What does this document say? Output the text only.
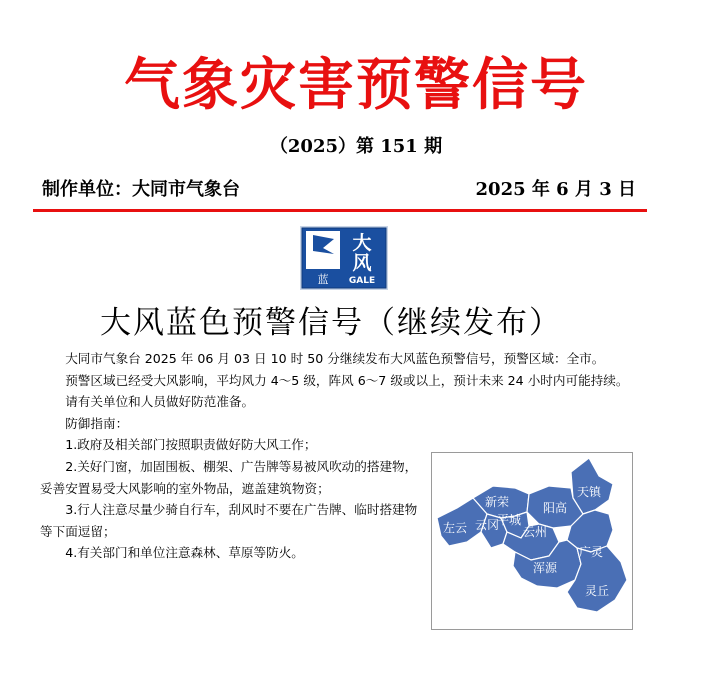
气象灾害预警信号
（2025）第 151 期
制作单位：大同市气象台	2025 年 6 月 3 日
大
风
蓝 GALE
大风蓝色预警信号（继续发布）

大同市气象台 2025 年 06 月 03 日 10 时 50 分继续发布大风蓝色预警信号，预警区域：全市。

预警区域已经受大风影响，平均风力 4～5 级，阵风 6～7 级或以上，预计未来 24 小时内可能持续。

请有关单位和人员做好防范准备。

防御指南：

1.政府及相关部门按照职责做好防大风工作；

2.关好门窗，加固围板、棚架、广告牌等易被风吹动的搭建物，妥善安置易受大风影响的室外物品，遮盖建筑物资；

3.行人注意尽量少骑自行车，刮风时不要在广告牌、临时搭建物等下面逗留；

4.有关部门和单位注意森林、草原等防火。

天镇
新荣	阳高
左云 云冈
平城
云州
广灵
浑源
灵丘
